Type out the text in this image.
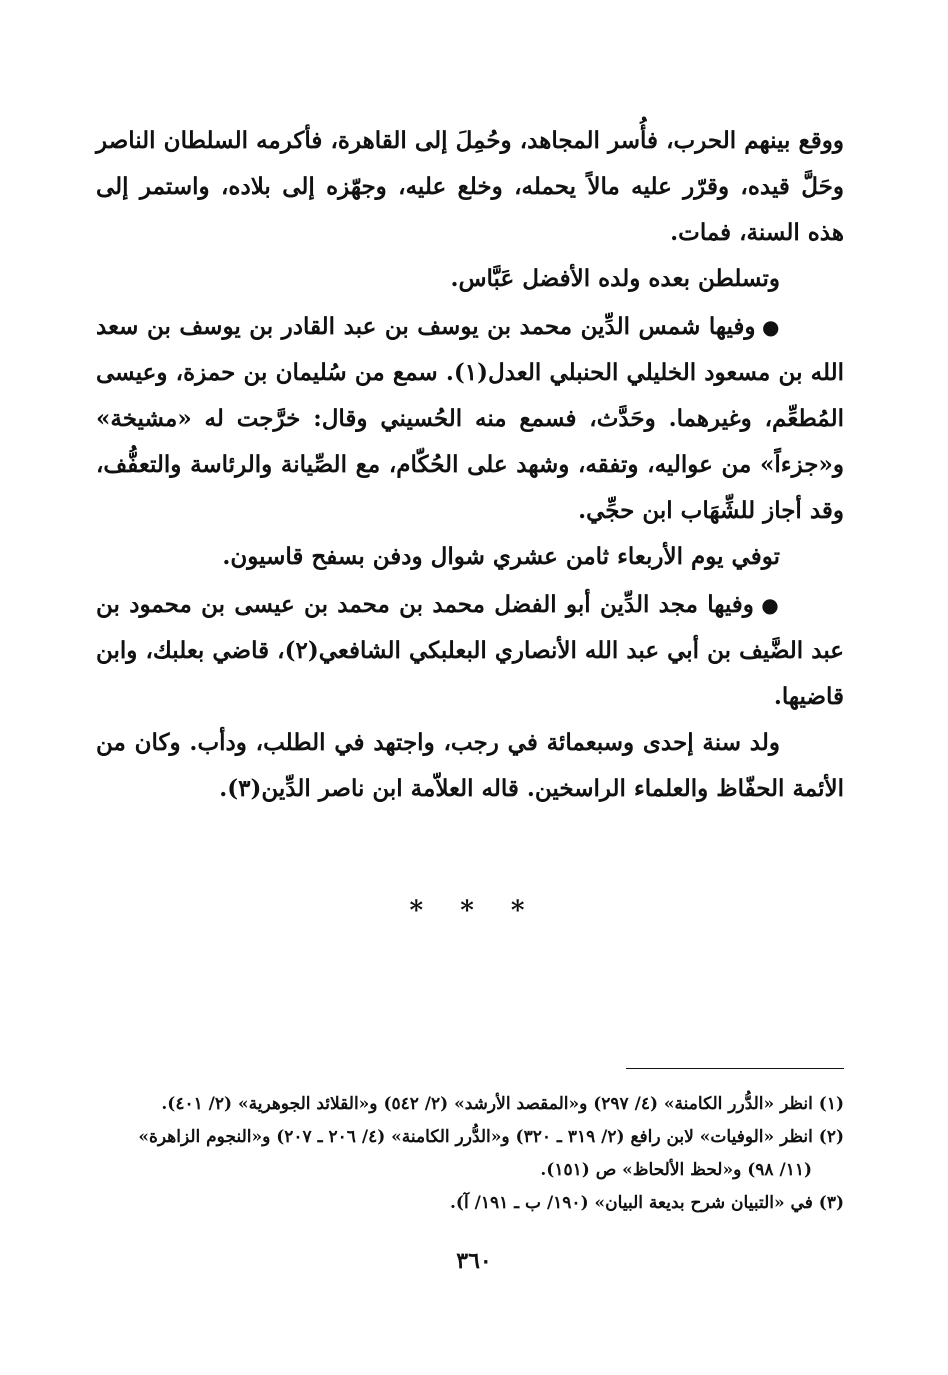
ووقع بينهم الحرب، فأُسر المجاهد، وحُمِلَ إلى القاهرة، فأكرمه السلطان الناصر وحَلَّ قيده، وقرّر عليه مالاً يحمله، وخلع عليه، وجهّزه إلى بلاده، واستمر إلى هذه السنة، فمات.

وتسلطن بعده ولده الأفضل عَبَّاس.

●وفيها شمس الدِّين محمد بن يوسف بن عبد القادر بن يوسف بن سعد الله بن مسعود الخليلي الحنبلي العدل(١). سمع من سُليمان بن حمزة، وعيسى المُطعِّم، وغيرهما. وحَدَّث، فسمع منه الحُسيني وقال: خرَّجت له «مشيخة» و«جزءاً» من عواليه، وتفقه، وشهد على الحُكّام، مع الصِّيانة والرئاسة والتعفُّف، وقد أجاز للشِّهَاب ابن حجِّي.

توفي يوم الأربعاء ثامن عشري شوال ودفن بسفح قاسيون.

●وفيها مجد الدِّين أبو الفضل محمد بن محمد بن عيسى بن محمود بن عبد الضَّيف بن أبي عبد الله الأنصاري البعلبكي الشافعي(٢)، قاضي بعلبك، وابن قاضيها.

ولد سنة إحدى وسبعمائة في رجب، واجتهد في الطلب، ودأب. وكان من الأئمة الحفّاظ والعلماء الراسخين. قاله العلاّمة ابن ناصر الدِّين(٣).

* * *
(١) انظر «الدُّرر الكامنة» (٤/ ٢٩٧) و«المقصد الأرشد» (٢/ ٥٤٢) و«القلائد الجوهرية» (٢/ ٤٠١).
(٢) انظر «الوفيات» لابن رافع (٢/ ٣١٩ ـ ٣٢٠) و«الدُّرر الكامنة» (٤/ ٢٠٦ ـ ٢٠٧) و«النجوم الزاهرة»
(١١/ ٩٨) و«لحظ الألحاظ» ص (١٥١).
(٣) في «التبيان شرح بديعة البيان» (١٩٠/ ب ـ ١٩١/ آ).
٣٦٠
